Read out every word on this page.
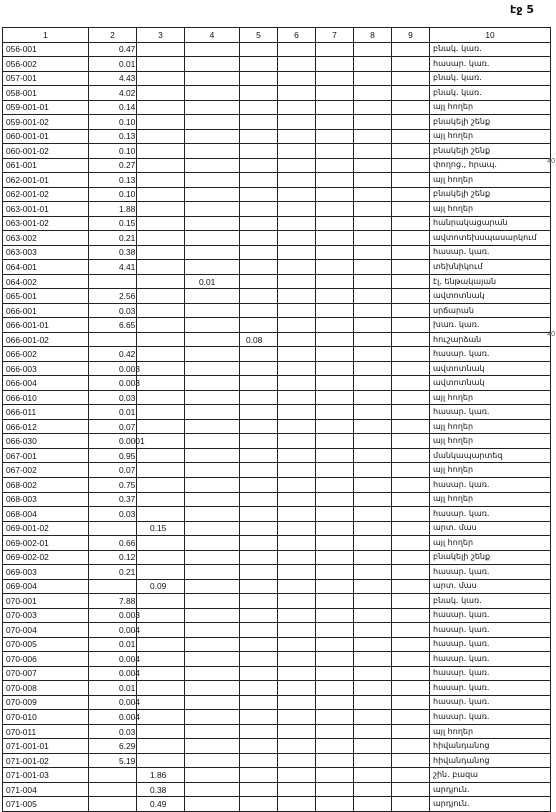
էջ 5
1	2	3	4	5	6	7	8	9	10
056-001	0.47								բնակ. կառ.
056-002	0.01								հասար. կառ.
057-001	4.43								բնակ. կառ.
058-001	4.02								բնակ. կառ.
059-001-01	0.14								այլ հողեր
059-001-02	0.10								բնակելի շենք
060-001-01	0.13								այլ հողեր
060-001-02	0.10								բնակելի շենք
061-001	0.27								փողոց., հրապ.
062-001-01	0.13								այլ հողեր
062-001-02	0.10								բնակելի շենք
063-001-01	1.88								այլ հողեր
063-001-02	0.15								հանրակացարան
063-002	0.21								ավտոտեխսպասարկում
063-003	0.38								հասար. կառ.
064-001	4.41								տեխնիկում
064-002			0.01						էլ. ենթակայան
065-001	2.56								ավտոտնակ
066-001	0.03								սրճարան
066-001-01	6.65								խառ. կառ.
066-001-02				0.08					հուշարձան
066-002	0.42								հասար. կառ.
066-003	0.003								ավտոտնակ
066-004	0.003								ավտոտնակ
066-010	0.03								այլ հողեր
066-011	0.01								հասար. կառ.
066-012	0.07								այլ հողեր
066-030	0.0001								այլ հողեր
067-001	0.95								մանկապարտեզ
067-002	0.07								այլ հողեր
068-002	0.75								հասար. կառ.
068-003	0.37								այլ հողեր
068-004	0.03								հասար. կառ.
069-001-02		0.15							արտ. մաս
069-002-01	0.66								այլ հողեր
069-002-02	0.12								բնակելի շենք
069-003	0.21								հասար. կառ.
069-004		0.09							արտ. մաս
070-001	7.88								բնակ. կառ.
070-003	0.003								հասար. կառ.
070-004	0.004								հասար. կառ.
070-005	0.01								հասար. կառ.
070-006	0.004								հասար. կառ.
070-007	0.004								հասար. կառ.
070-008	0.01								հասար. կառ.
070-009	0.004								հասար. կառ.
070-010	0.004								հասար. կառ.
070-011	0.03								այլ հողեր
071-001-01	6.29								հիվանդանոց
071-001-02	5.19								հիվանդանոց
071-001-03		1.86							շին. բազա
071-004		0.38							արդյուն.
071-005		0.49							արդյուն.
40
40
